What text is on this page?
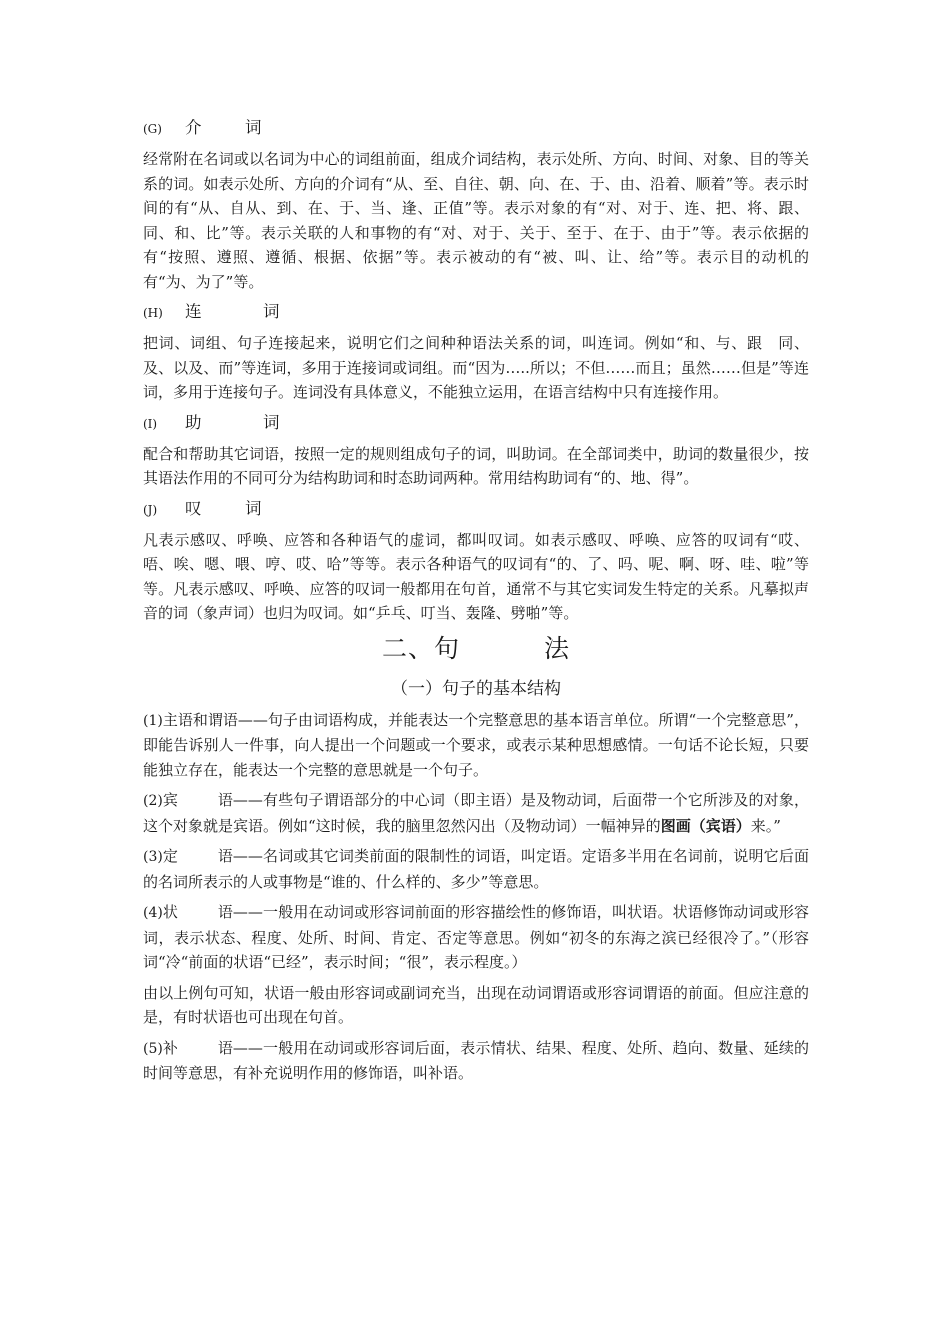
(G)	介	词

经常附在名词或以名词为中心的词组前面，组成介词结构，表示处所、方向、时间、对象、目的等关系的词。如表示处所、方向的介词有“从、至、自往、朝、向、在、于、由、沿着、顺着”等。表示时间的有“从、自从、到、在、于、当、逢、正值”等。表示对象的有“对、对于、连、把、将、跟、同、和、比”等。表示关联的人和事物的有“对、对于、关于、至于、在于、由于”等。表示依据的有“按照、遵照、遵循、根据、依据”等。表示被动的有“被、叫、让、给”等。表示目的动机的有“为、为了”等。

(H)	连	词

把词、词组、句子连接起来，说明它们之间种种语法关系的词，叫连词。例如“和、与、跟　同、及、以及、而”等连词，多用于连接词或词组。而“因为…..所以；不但……而且；虽然……但是”等连词，多用于连接句子。连词没有具体意义，不能独立运用，在语言结构中只有连接作用。

(I)	助	词

配合和帮助其它词语，按照一定的规则组成句子的词，叫助词。在全部词类中，助词的数量很少，按其语法作用的不同可分为结构助词和时态助词两种。常用结构助词有“的、地、得”。

(J)	叹	词

凡表示感叹、呼唤、应答和各种语气的虚词，都叫叹词。如表示感叹、呼唤、应答的叹词有“哎、唔、唉、嗯、喂、哼、哎、哈”等等。表示各种语气的叹词有“的、了、吗、呢、啊、呀、哇、啦”等等。凡表示感叹、呼唤、应答的叹词一般都用在句首，通常不与其它实词发生特定的关系。凡摹拟声音的词（象声词）也归为叹词。如“乒乓、叮当、轰隆、劈啪”等。

二、句	法
（一）句子的基本结构

(1)主语和谓语——句子由词语构成，并能表达一个完整意思的基本语言单位。所谓“一个完整意思”，即能告诉别人一件事，向人提出一个问题或一个要求，或表示某种思想感情。一句话不论长短，只要能独立存在，能表达一个完整的意思就是一个句子。

(2)宾	语——有些句子谓语部分的中心词（即主语）是及物动词，后面带一个它所涉及的对象，这个对象就是宾语。例如“这时候，我的脑里忽然闪出（及物动词）一幅神异的图画（宾语）来。”

(3)定	语——名词或其它词类前面的限制性的词语，叫定语。定语多半用在名词前，说明它后面的名词所表示的人或事物是“谁的、什么样的、多少”等意思。

(4)状	语——一般用在动词或形容词前面的形容描绘性的修饰语，叫状语。状语修饰动词或形容词，表示状态、程度、处所、时间、肯定、否定等意思。例如“初冬的东海之滨已经很冷了。”（形容词“冷“前面的状语“已经”，表示时间；“很”，表示程度。）

由以上例句可知，状语一般由形容词或副词充当，出现在动词谓语或形容词谓语的前面。但应注意的是，有时状语也可出现在句首。

(5)补	语——一般用在动词或形容词后面，表示情状、结果、程度、处所、趋向、数量、延续的时间等意思，有补充说明作用的修饰语，叫补语。
